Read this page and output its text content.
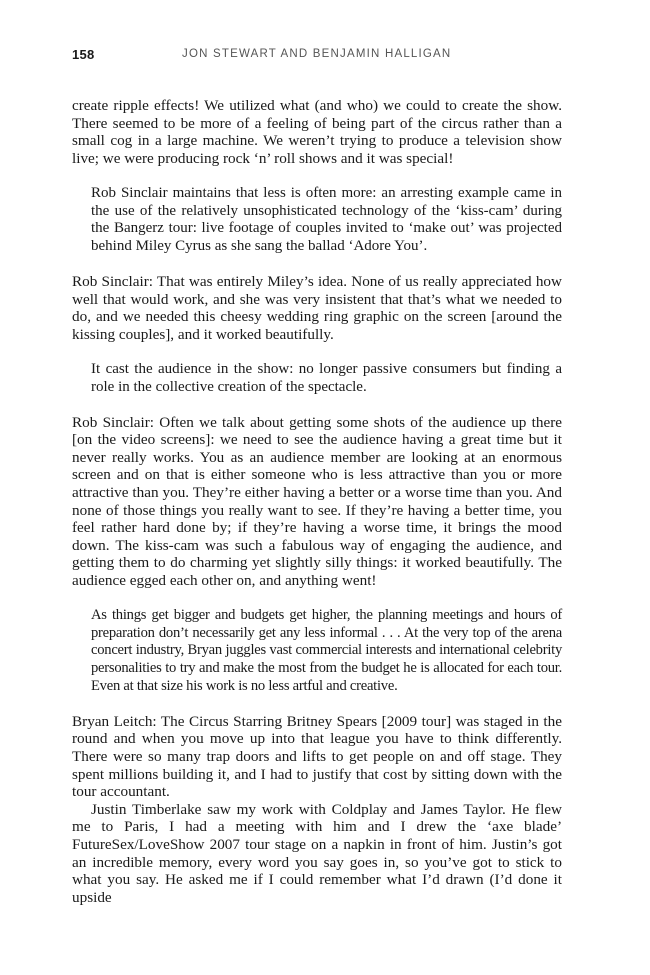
158	JON STEWART AND BENJAMIN HALLIGAN

create ripple effects! We utilized what (and who) we could to create the show. There seemed to be more of a feeling of being part of the circus rather than a small cog in a large machine. We weren’t trying to produce a television show live; we were producing rock ‘n’ roll shows and it was special!

Rob Sinclair maintains that less is often more: an arresting example came in the use of the relatively unsophisticated technology of the ‘kiss-cam’ during the Bangerz tour: live footage of couples invited to ‘make out’ was projected behind Miley Cyrus as she sang the ballad ‘Adore You’.

Rob Sinclair: That was entirely Miley’s idea. None of us really appreciated how well that would work, and she was very insistent that that’s what we needed to do, and we needed this cheesy wedding ring graphic on the screen [around the kissing couples], and it worked beautifully.

It cast the audience in the show: no longer passive consumers but finding a role in the collective creation of the spectacle.

Rob Sinclair: Often we talk about getting some shots of the audience up there [on the video screens]: we need to see the audience having a great time but it never really works. You as an audience member are looking at an enormous screen and on that is either someone who is less attractive than you or more attractive than you. They’re either having a better or a worse time than you. And none of those things you really want to see. If they’re having a better time, you feel rather hard done by; if they’re having a worse time, it brings the mood down. The kiss-cam was such a fabulous way of engaging the audience, and getting them to do charming yet slightly silly things: it worked beautifully. The audience egged each other on, and anything went!

As things get bigger and budgets get higher, the planning meetings and hours of preparation don’t necessarily get any less informal . . . At the very top of the arena concert industry, Bryan juggles vast commercial interests and international celebrity personalities to try and make the most from the budget he is allocated for each tour. Even at that size his work is no less artful and creative.

Bryan Leitch: The Circus Starring Britney Spears [2009 tour] was staged in the round and when you move up into that league you have to think differently. There were so many trap doors and lifts to get people on and off stage. They spent millions building it, and I had to justify that cost by sitting down with the tour accountant.

Justin Timberlake saw my work with Coldplay and James Taylor. He flew me to Paris, I had a meeting with him and I drew the ‘axe blade’ FutureSex/LoveShow 2007 tour stage on a napkin in front of him. Justin’s got an incredible memory, every word you say goes in, so you’ve got to stick to what you say. He asked me if I could remember what I’d drawn (I’d done it upside
